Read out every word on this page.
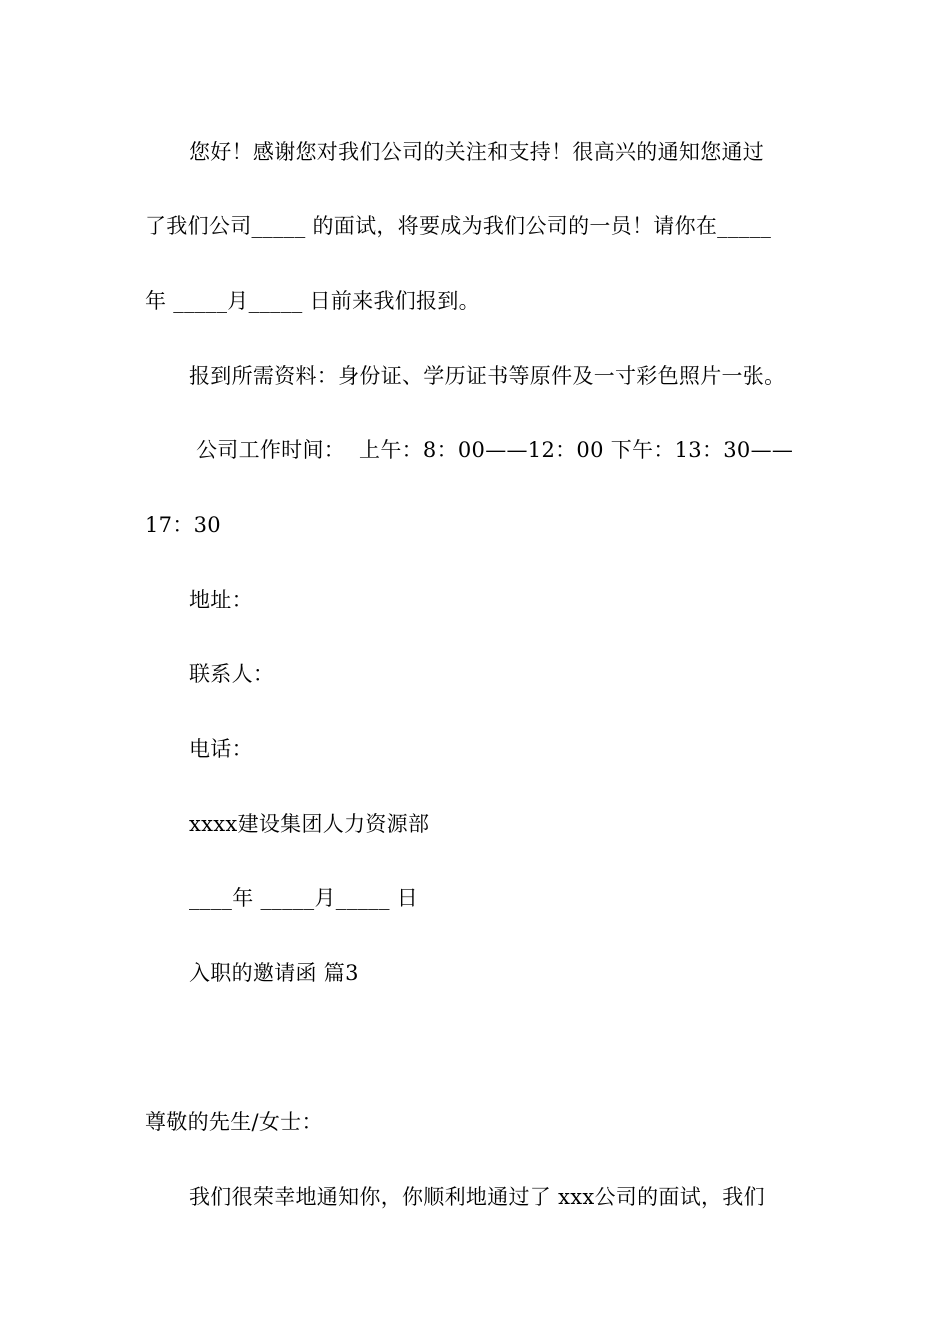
您好！感谢您对我们公司的关注和支持！很高兴的通知您通过
了我们公司_____ 的面试，将要成为我们公司的一员！请你在_____
年 _____月_____ 日前来我们报到。
报到所需资料：身份证、学历证书等原件及一寸彩色照片一张。
公司工作时间：  上午：8：00——12：00 下午：13：30——
17：30
地址：
联系人：
电话：
xxxx建设集团人力资源部
____年 _____月_____ 日
入职的邀请函 篇3
尊敬的先生/女士：
我们很荣幸地通知你，你顺利地通过了 xxx公司的面试，我们
